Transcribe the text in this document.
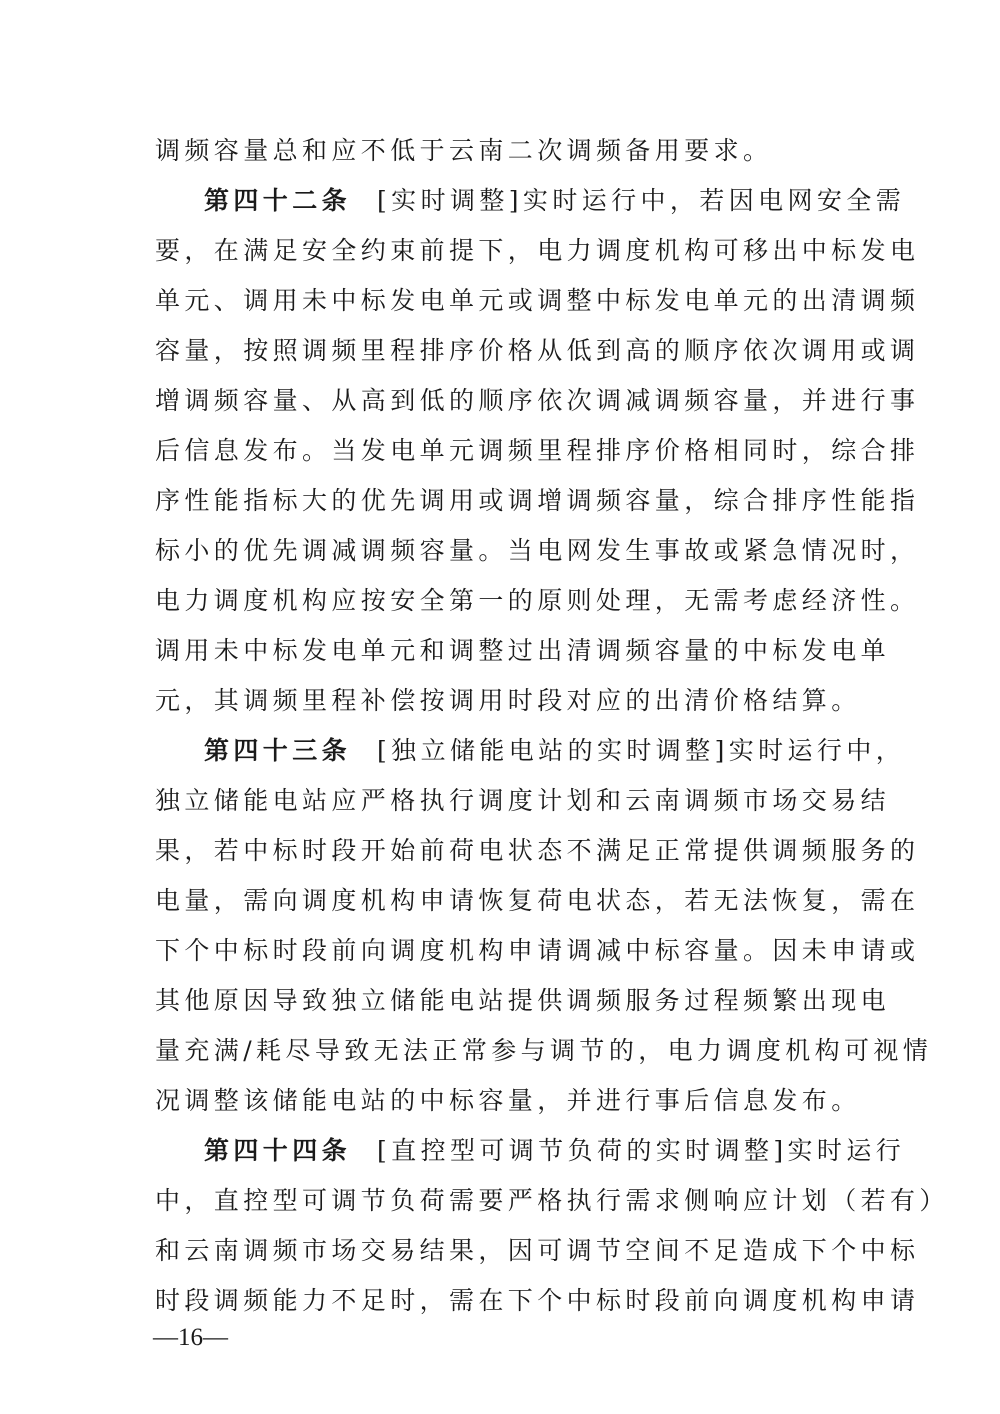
调频容量总和应不低于云南二次调频备用要求。
第四十二条 [实时调整]实时运行中，若因电网安全需
要，在满足安全约束前提下，电力调度机构可移出中标发电
单元、调用未中标发电单元或调整中标发电单元的出清调频
容量，按照调频里程排序价格从低到高的顺序依次调用或调
增调频容量、从高到低的顺序依次调减调频容量，并进行事
后信息发布。当发电单元调频里程排序价格相同时，综合排
序性能指标大的优先调用或调增调频容量，综合排序性能指
标小的优先调减调频容量。当电网发生事故或紧急情况时，
电力调度机构应按安全第一的原则处理，无需考虑经济性。
调用未中标发电单元和调整过出清调频容量的中标发电单
元，其调频里程补偿按调用时段对应的出清价格结算。
第四十三条 [独立储能电站的实时调整]实时运行中，
独立储能电站应严格执行调度计划和云南调频市场交易结
果，若中标时段开始前荷电状态不满足正常提供调频服务的
电量，需向调度机构申请恢复荷电状态，若无法恢复，需在
下个中标时段前向调度机构申请调减中标容量。因未申请或
其他原因导致独立储能电站提供调频服务过程频繁出现电
量充满/耗尽导致无法正常参与调节的，电力调度机构可视情
况调整该储能电站的中标容量，并进行事后信息发布。
第四十四条 [直控型可调节负荷的实时调整]实时运行
中，直控型可调节负荷需要严格执行需求侧响应计划（若有）
和云南调频市场交易结果，因可调节空间不足造成下个中标
时段调频能力不足时，需在下个中标时段前向调度机构申请
—16—
